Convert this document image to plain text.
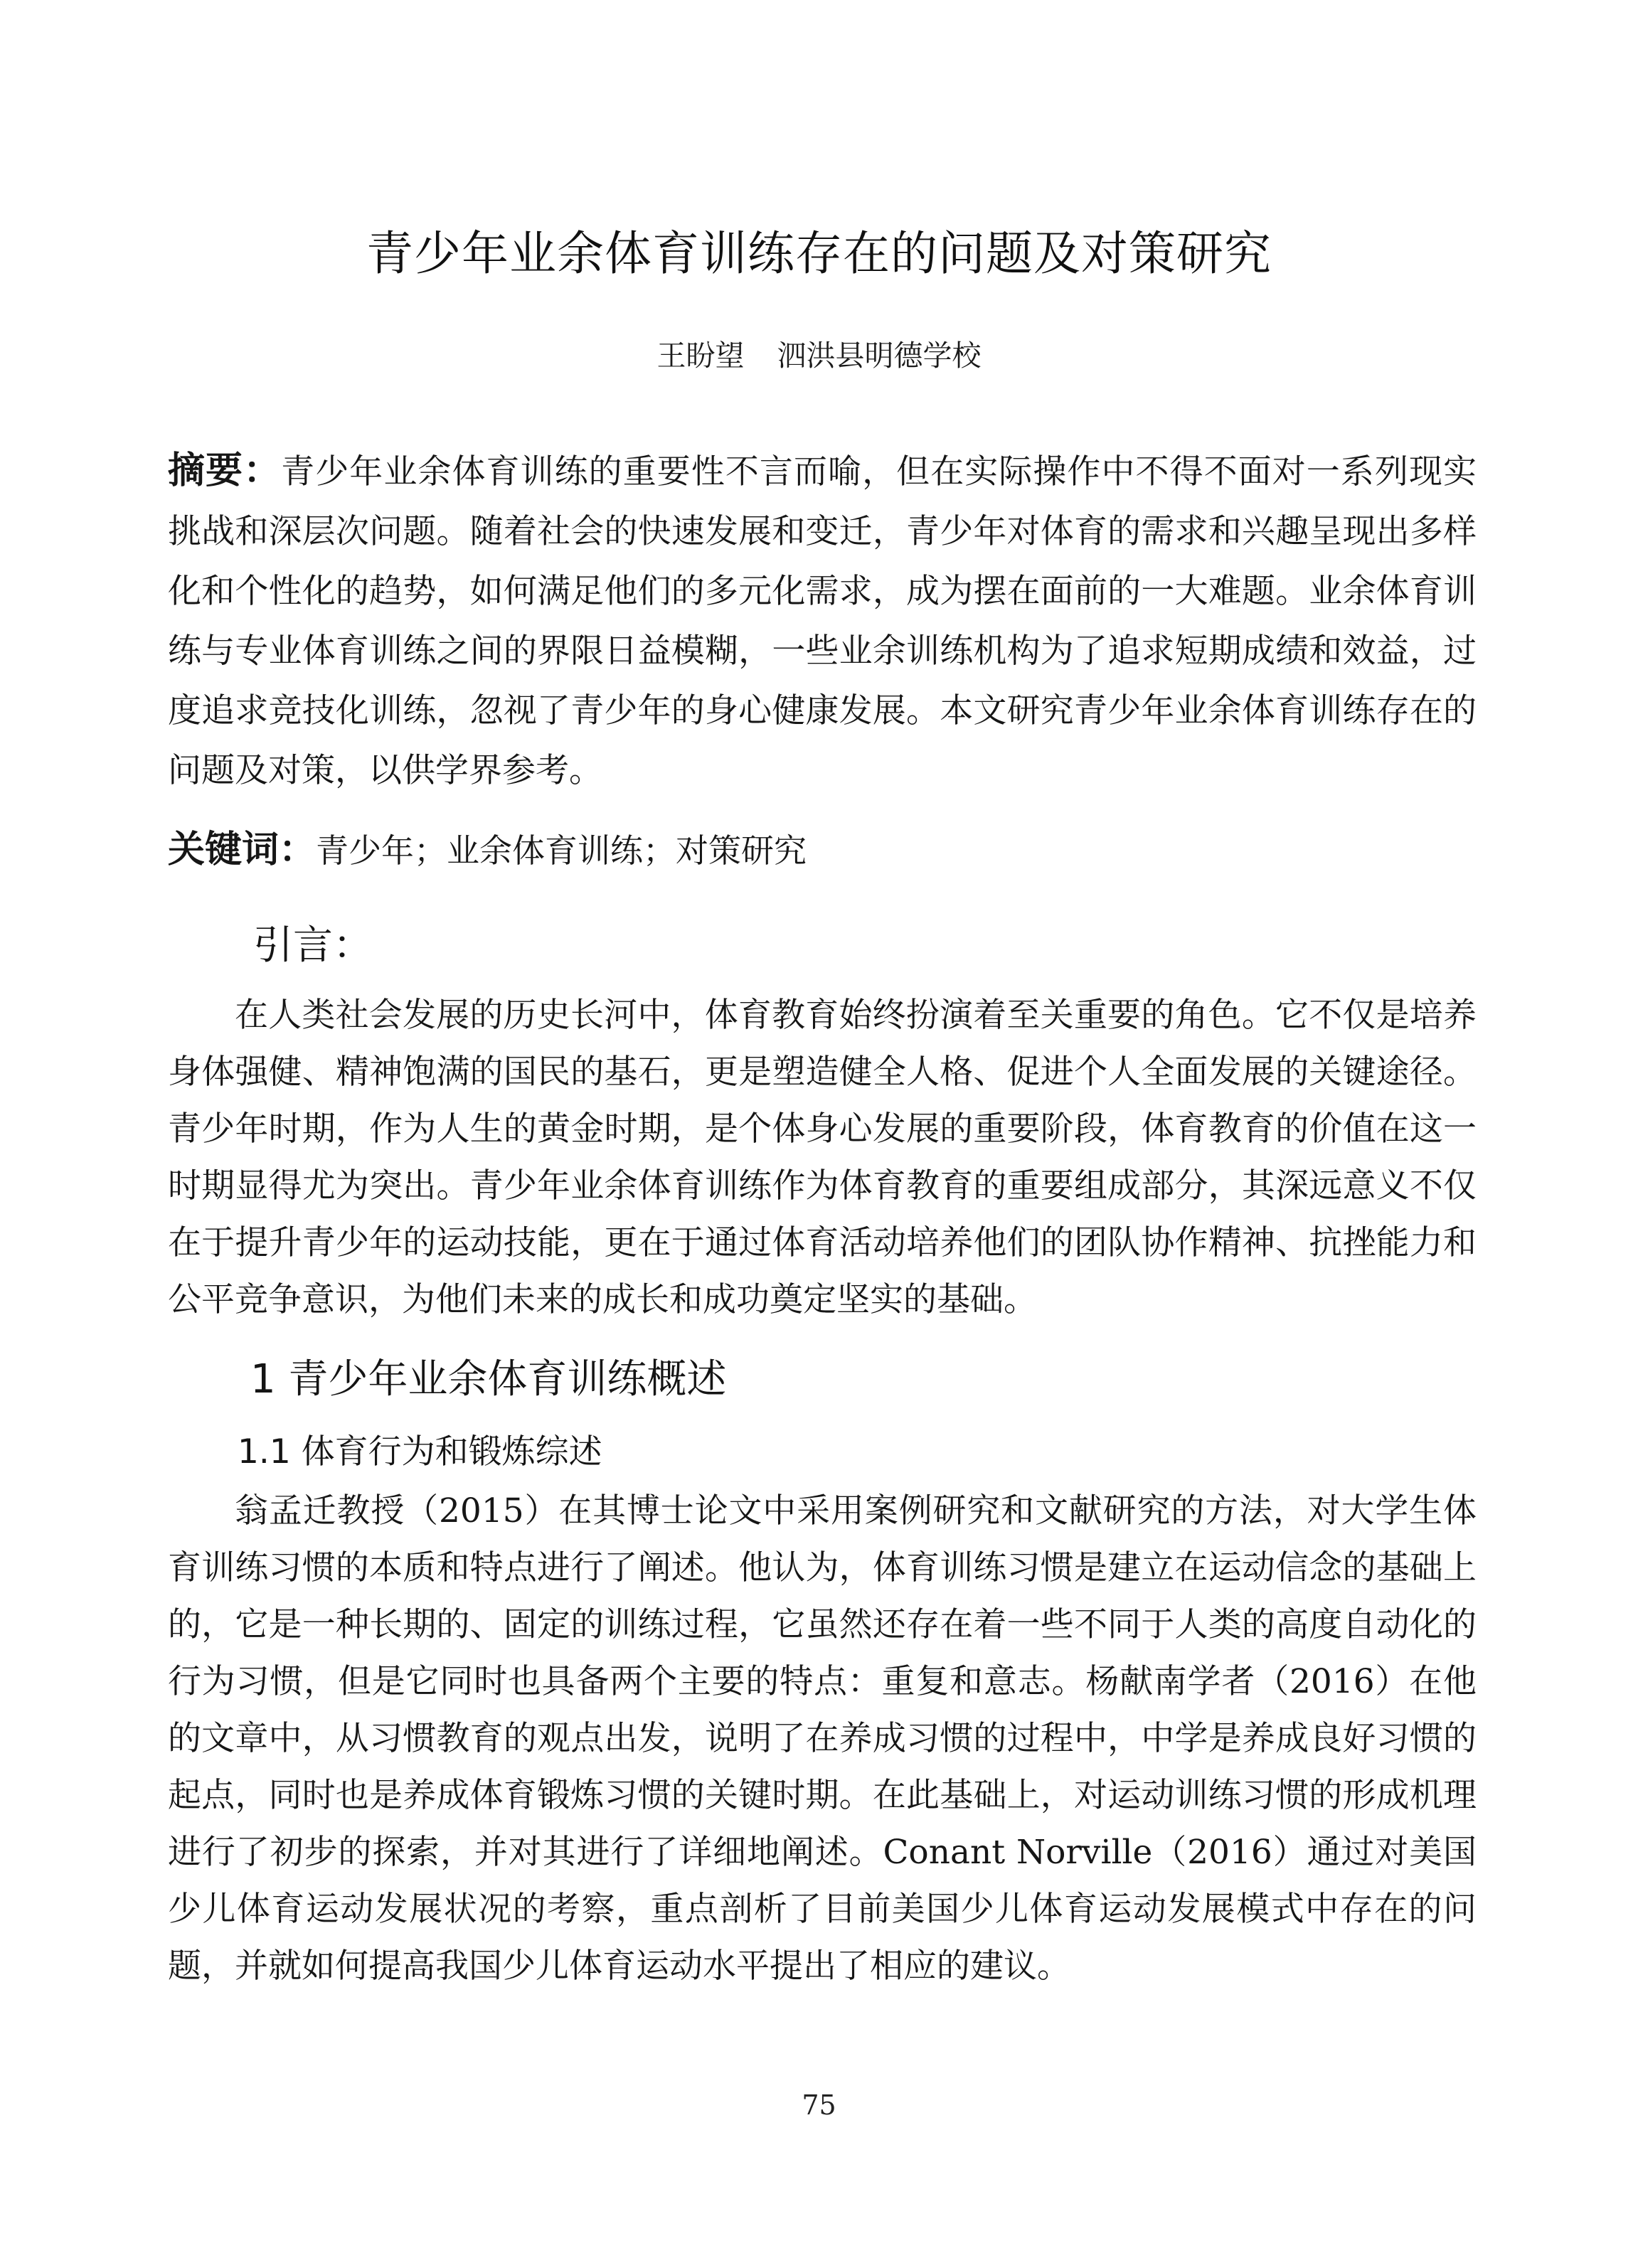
青少年业余体育训练存在的问题及对策研究
王盼望 泗洪县明德学校

摘要：青少年业余体育训练的重要性不言而喻，但在实际操作中不得不面对一系列现实挑战和深层次问题。随着社会的快速发展和变迁，青少年对体育的需求和兴趣呈现出多样化和个性化的趋势，如何满足他们的多元化需求，成为摆在面前的一大难题。业余体育训练与专业体育训练之间的界限日益模糊，一些业余训练机构为了追求短期成绩和效益，过度追求竞技化训练，忽视了青少年的身心健康发展。本文研究青少年业余体育训练存在的问题及对策，以供学界参考。

关键词：青少年；业余体育训练；对策研究

引言：

在人类社会发展的历史长河中，体育教育始终扮演着至关重要的角色。它不仅是培养身体强健、精神饱满的国民的基石，更是塑造健全人格、促进个人全面发展的关键途径。青少年时期，作为人生的黄金时期，是个体身心发展的重要阶段，体育教育的价值在这一时期显得尤为突出。青少年业余体育训练作为体育教育的重要组成部分，其深远意义不仅在于提升青少年的运动技能，更在于通过体育活动培养他们的团队协作精神、抗挫能力和公平竞争意识，为他们未来的成长和成功奠定坚实的基础。

1 青少年业余体育训练概述
1.1 体育行为和锻炼综述

翁孟迁教授（2015）在其博士论文中采用案例研究和文献研究的方法，对大学生体育训练习惯的本质和特点进行了阐述。他认为，体育训练习惯是建立在运动信念的基础上的，它是一种长期的、固定的训练过程，它虽然还存在着一些不同于人类的高度自动化的行为习惯，但是它同时也具备两个主要的特点：重复和意志。杨献南学者（2016）在他的文章中，从习惯教育的观点出发，说明了在养成习惯的过程中，中学是养成良好习惯的起点，同时也是养成体育锻炼习惯的关键时期。在此基础上，对运动训练习惯的形成机理进行了初步的探索，并对其进行了详细地阐述。Conant Norville（2016）通过对美国少儿体育运动发展状况的考察，重点剖析了目前美国少儿体育运动发展模式中存在的问题，并就如何提高我国少儿体育运动水平提出了相应的建议。

75
